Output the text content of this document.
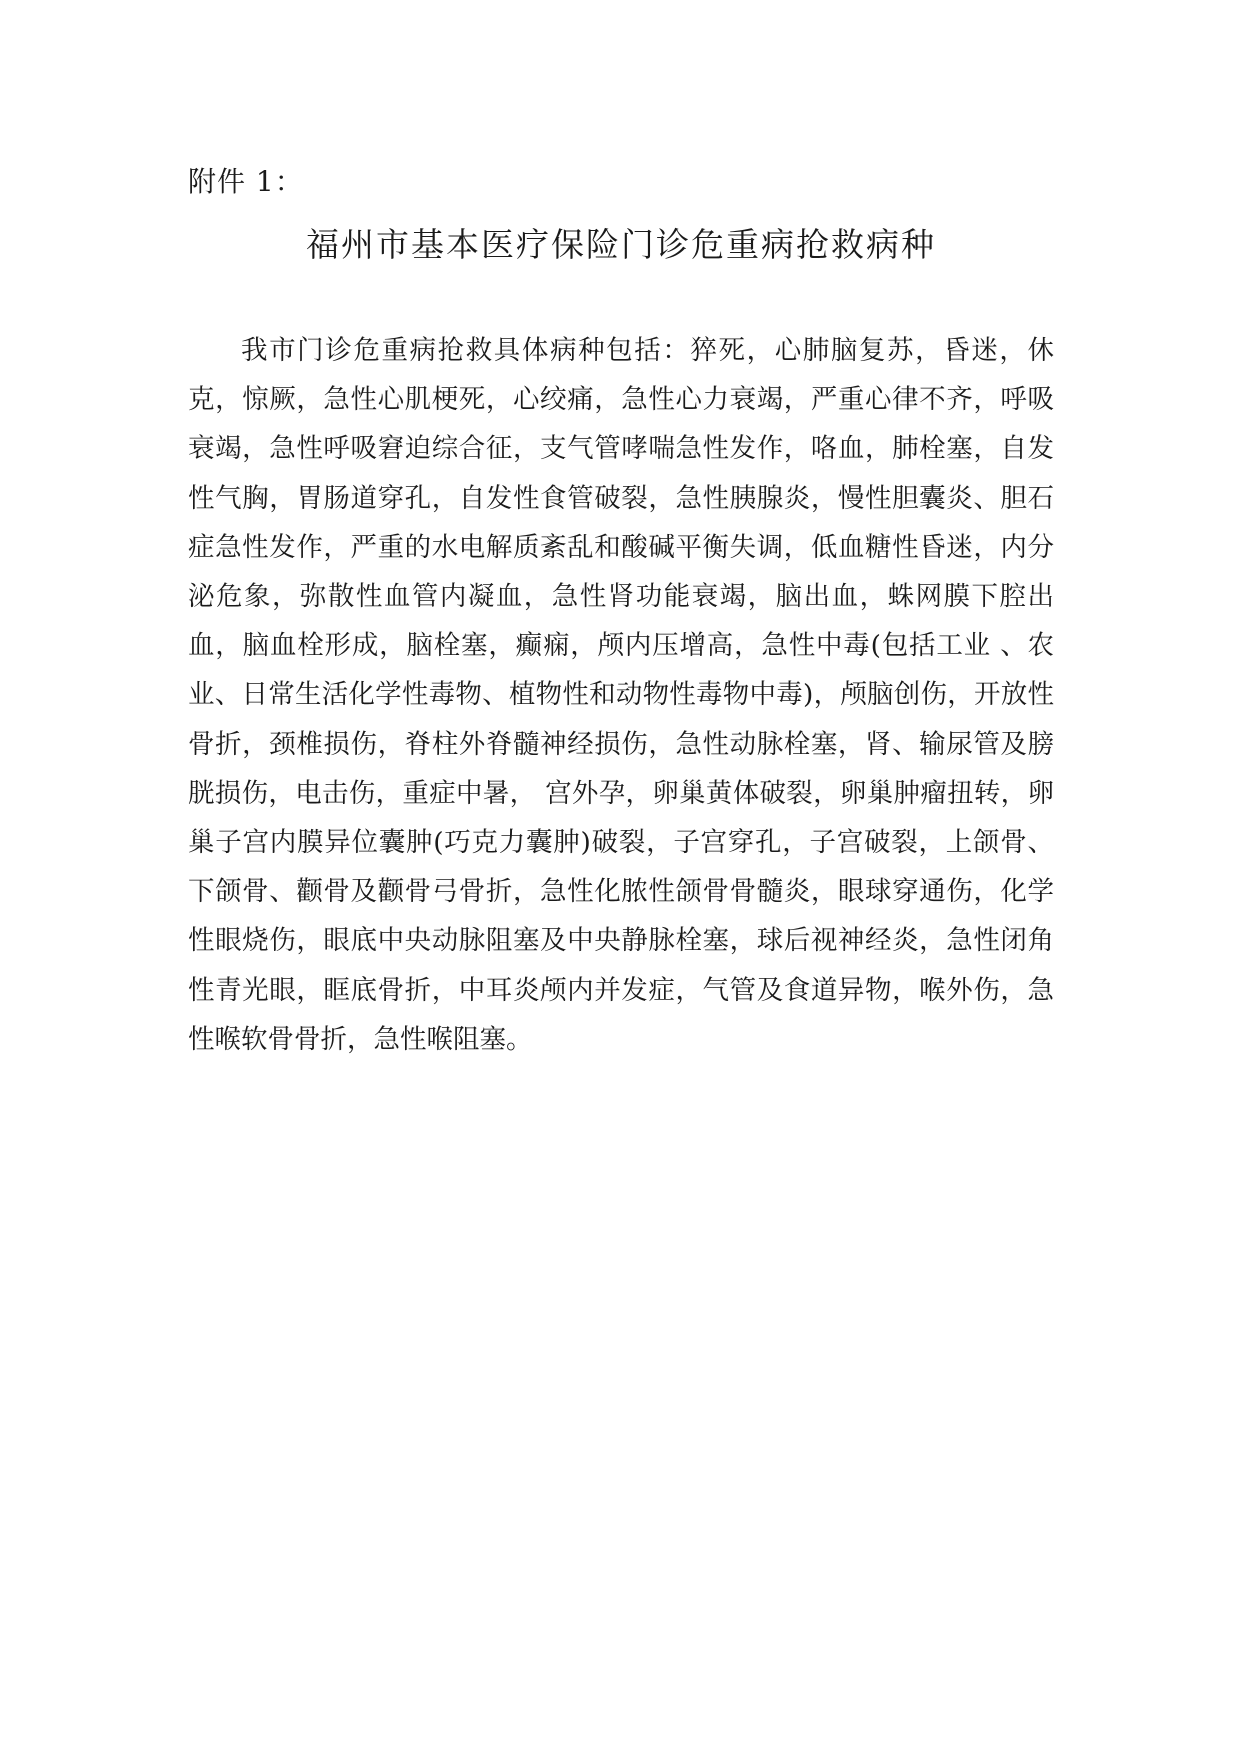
附件 1：
福州市基本医疗保险门诊危重病抢救病种

我市门诊危重病抢救具体病种包括：猝死，心肺脑复苏，昏迷，休克，惊厥，急性心肌梗死，心绞痛，急性心力衰竭，严重心律不齐，呼吸衰竭，急性呼吸窘迫综合征，支气管哮喘急性发作，咯血，肺栓塞，自发性气胸，胃肠道穿孔，自发性食管破裂，急性胰腺炎，慢性胆囊炎、胆石症急性发作，严重的水电解质紊乱和酸碱平衡失调，低血糖性昏迷，内分泌危象，弥散性血管内凝血，急性肾功能衰竭，脑出血，蛛网膜下腔出血，脑血栓形成，脑栓塞，癫痫，颅内压增高，急性中毒(包括工业 、农业、日常生活化学性毒物、植物性和动物性毒物中毒)，颅脑创伤，开放性骨折，颈椎损伤，脊柱外脊髓神经损伤，急性动脉栓塞，肾、输尿管及膀胱损伤，电击伤，重症中暑， 宫外孕，卵巢黄体破裂，卵巢肿瘤扭转，卵巢子宫内膜异位囊肿(巧克力囊肿)破裂，子宫穿孔，子宫破裂，上颌骨、下颌骨、颧骨及颧骨弓骨折，急性化脓性颌骨骨髓炎，眼球穿通伤，化学性眼烧伤，眼底中央动脉阻塞及中央静脉栓塞，球后视神经炎，急性闭角性青光眼，眶底骨折，中耳炎颅内并发症，气管及食道异物，喉外伤，急性喉软骨骨折，急性喉阻塞。
